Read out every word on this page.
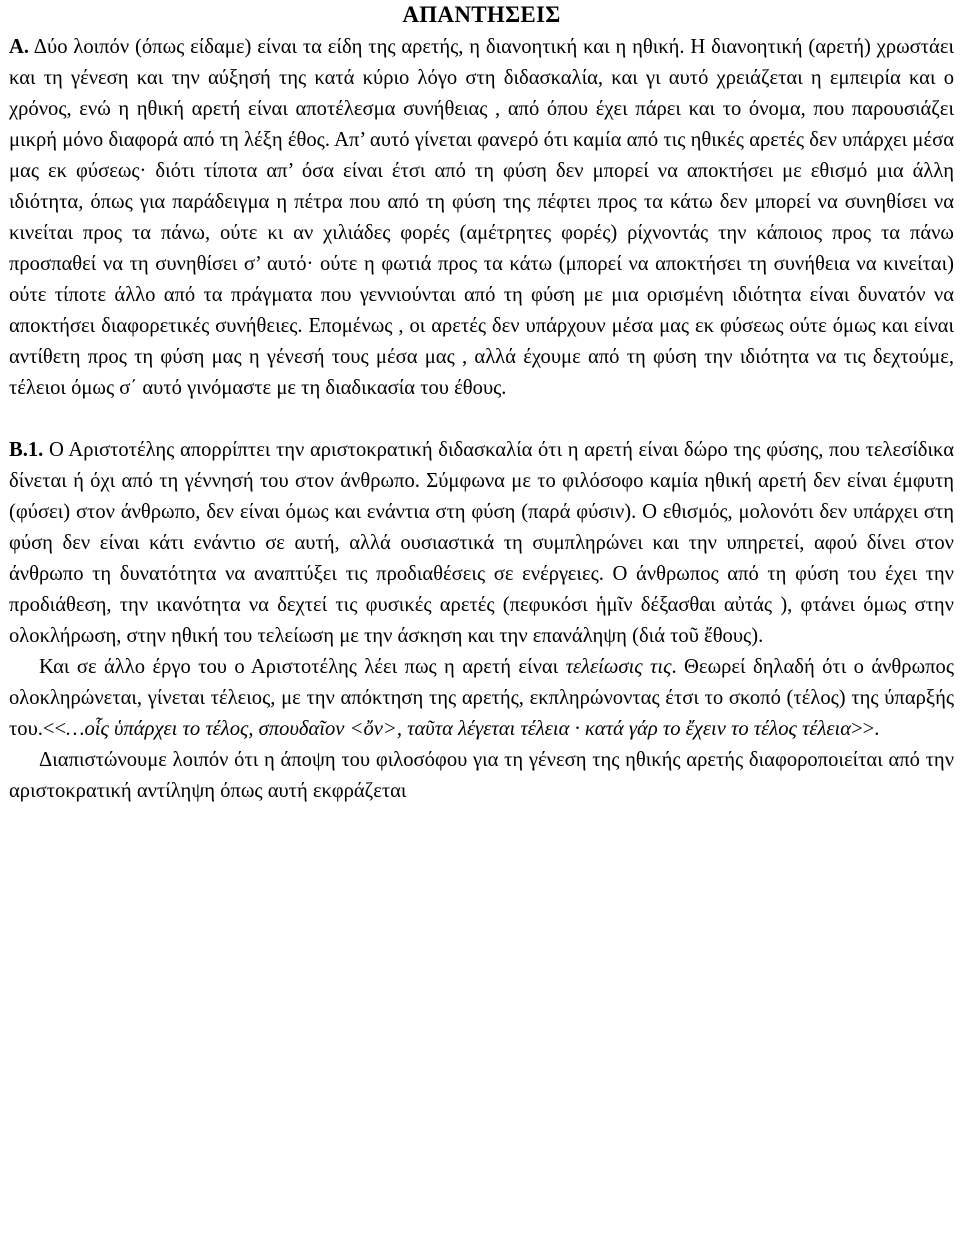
ΑΠΑΝΤΗΣΕΙΣ

Α. Δύο λοιπόν (όπως είδαμε) είναι τα είδη της αρετής, η διανοητική και η ηθική. Η διανοητική (αρετή) χρωστάει και τη γένεση και την αύξησή της κατά κύριο λόγο στη διδασκαλία, και γι αυτό χρειάζεται η εμπειρία και ο χρόνος, ενώ η ηθική αρετή είναι αποτέλεσμα συνήθειας , από όπου έχει πάρει και το όνομα, που παρουσιάζει μικρή μόνο διαφορά από τη λέξη έθος. Απ’ αυτό γίνεται φανερό ότι καμία από τις ηθικές αρετές δεν υπάρχει μέσα μας εκ φύσεως· διότι τίποτα απ’ όσα είναι έτσι από τη φύση δεν μπορεί να αποκτήσει με εθισμό μια άλλη ιδιότητα, όπως για παράδειγμα η πέτρα που από τη φύση της πέφτει προς τα κάτω δεν μπορεί να συνηθίσει να κινείται προς τα πάνω, ούτε κι αν χιλιάδες φορές (αμέτρητες φορές) ρίχνοντάς την κάποιος προς τα πάνω προσπαθεί να τη συνηθίσει σ’ αυτό· ούτε η φωτιά προς τα κάτω (μπορεί να αποκτήσει τη συνήθεια να κινείται) ούτε τίποτε άλλο από τα πράγματα που γεννιούνται από τη φύση με μια ορισμένη ιδιότητα είναι δυνατόν να αποκτήσει διαφορετικές συνήθειες. Επομένως , οι αρετές δεν υπάρχουν μέσα μας εκ φύσεως ούτε όμως και είναι αντίθετη προς τη φύση μας η γένεσή τους μέσα μας , αλλά έχουμε από τη φύση την ιδιότητα να τις δεχτούμε, τέλειοι όμως σ΄ αυτό γινόμαστε με τη διαδικασία του έθους.

Β.1. Ο Αριστοτέλης απορρίπτει την αριστοκρατική διδασκαλία ότι η αρετή είναι δώρο της φύσης, που τελεσίδικα δίνεται ή όχι από τη γέννησή του στον άνθρωπο. Σύμφωνα με το φιλόσοφο καμία ηθική αρετή δεν είναι έμφυτη (φύσει) στον άνθρωπο, δεν είναι όμως και ενάντια στη φύση (παρά φύσιν). Ο εθισμός, μολονότι δεν υπάρχει στη φύση δεν είναι κάτι ενάντιο σε αυτή, αλλά ουσιαστικά τη συμπληρώνει και την υπηρετεί, αφού δίνει στον άνθρωπο τη δυνατότητα να αναπτύξει τις προδιαθέσεις σε ενέργειες. Ο άνθρωπος από τη φύση του έχει την προδιάθεση, την ικανότητα να δεχτεί τις φυσικές αρετές (πεφυκόσι ἡμῖν δέξασθαι αὐτάς ), φτάνει όμως στην ολοκλήρωση, στην ηθική του τελείωση με την άσκηση και την επανάληψη (διά τοῦ ἔθους).

Και σε άλλο έργο του ο Αριστοτέλης λέει πως η αρετή είναι τελείωσις τις. Θεωρεί δηλαδή ότι ο άνθρωπος ολοκληρώνεται, γίνεται τέλειος, με την απόκτηση της αρετής, εκπληρώνοντας έτσι το σκοπό (τέλος) της ύπαρξής του.<<…οἷς ὑπάρχει το τέλος, σπουδαῖον <ὄν>, ταῦτα λέγεται τέλεια · κατά γάρ το ἔχειν το τέλος τέλεια>>.

Διαπιστώνουμε λοιπόν ότι η άποψη του φιλοσόφου για τη γένεση της ηθικής αρετής διαφοροποιείται από την αριστοκρατική αντίληψη όπως αυτή εκφράζεται
